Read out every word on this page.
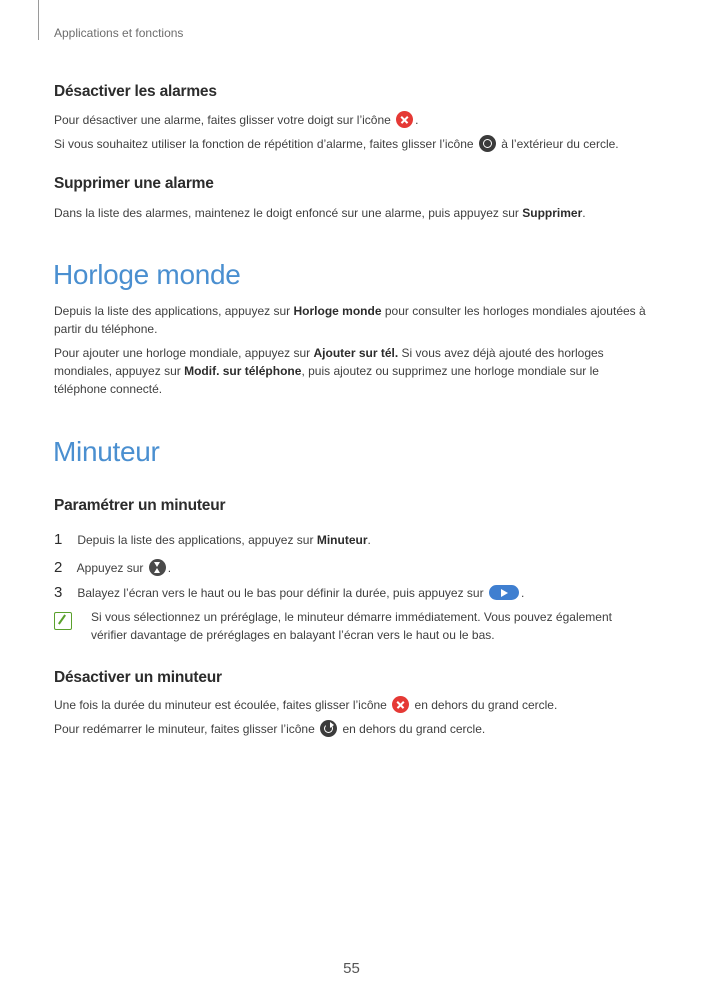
Applications et fonctions
Désactiver les alarmes

Pour désactiver une alarme, faites glisser votre doigt sur l’icône .

Si vous souhaitez utiliser la fonction de répétition d’alarme, faites glisser l’icône à l’extérieur du cercle.

Supprimer une alarme

Dans la liste des alarmes, maintenez le doigt enfoncé sur une alarme, puis appuyez sur Supprimer.

Horloge monde

Depuis la liste des applications, appuyez sur Horloge monde pour consulter les horloges mondiales ajoutées à partir du téléphone.

Pour ajouter une horloge mondiale, appuyez sur Ajouter sur tél. Si vous avez déjà ajouté des horloges mondiales, appuyez sur Modif. sur téléphone, puis ajoutez ou supprimez une horloge mondiale sur le téléphone connecté.

Minuteur
Paramétrer un minuteur
1 Depuis la liste des applications, appuyez sur Minuteur.
2 Appuyez sur .
3 Balayez l’écran vers le haut ou le bas pour définir la durée, puis appuyez sur	.
Si vous sélectionnez un préréglage, le minuteur démarre immédiatement. Vous pouvez également vérifier davantage de préréglages en balayant l’écran vers le haut ou le bas.
Désactiver un minuteur

Une fois la durée du minuteur est écoulée, faites glisser l’icône en dehors du grand cercle.

Pour redémarrer le minuteur, faites glisser l’icône en dehors du grand cercle.

55
